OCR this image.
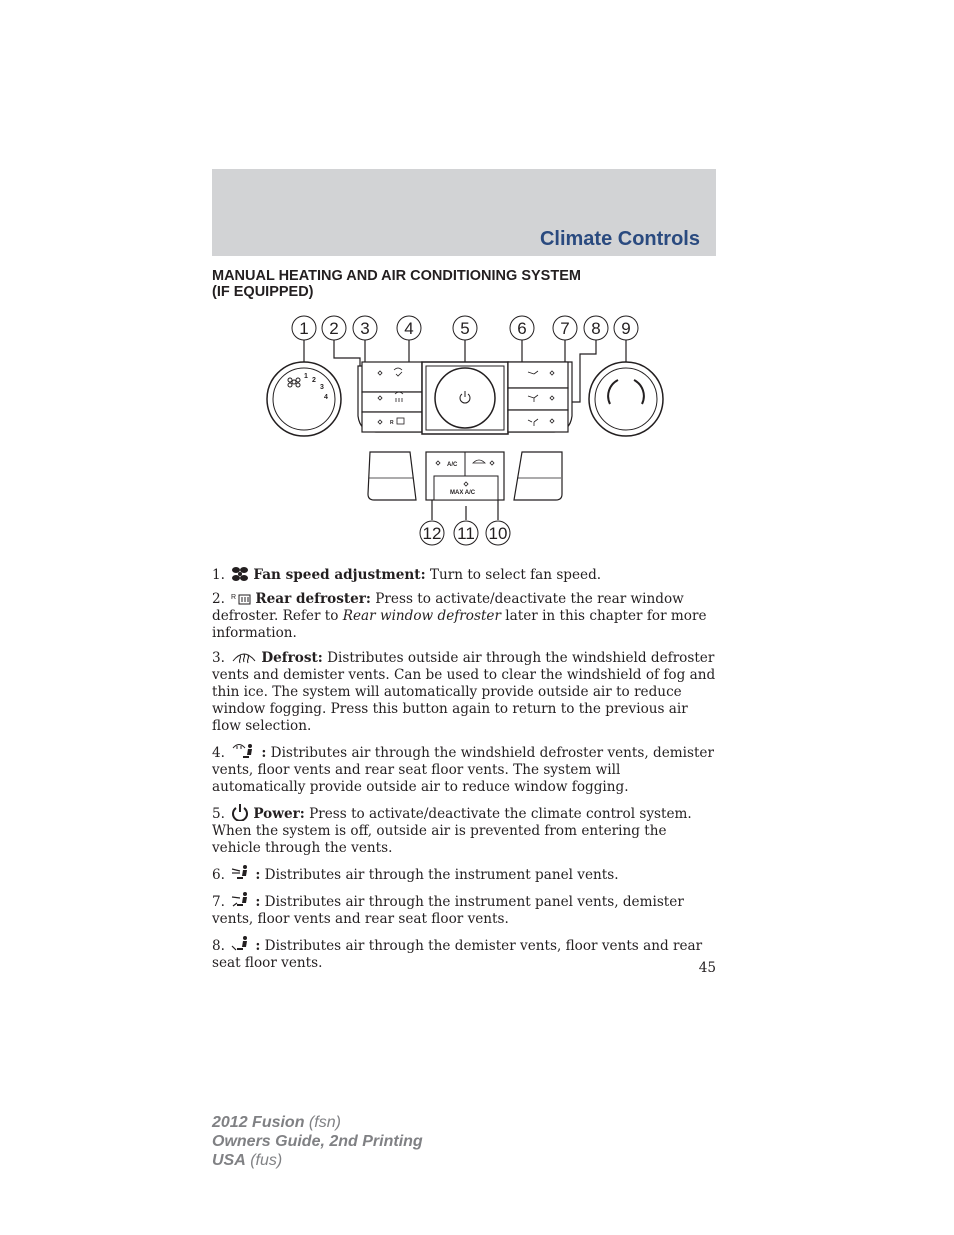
Climate Controls
MANUAL HEATING AND AIR CONDITIONING SYSTEM
(IF EQUIPPED)
1
2
3
4
R
A/C
MAX A/C
1 2 3 4	5	6 7 8 9
12 11 10

1. Fan speed adjustment: Turn to select fan speed.

2. R Rear defroster: Press to activate/deactivate the rear window defroster. Refer to Rear window defroster later in this chapter for more information.

3.	Defrost: Distributes outside air through the windshield defroster vents and demister vents. Can be used to clear the windshield of fog and thin ice. The system will automatically provide outside air to reduce window fogging. Press this button again to return to the previous air flow selection.

4.	: Distributes air through the windshield defroster vents, demister vents, floor vents and rear seat floor vents. The system will automatically provide outside air to reduce window fogging.

5. Power: Press to activate/deactivate the climate control system. When the system is off, outside air is prevented from entering the vehicle through the vents.

6. : Distributes air through the instrument panel vents.

7. : Distributes air through the instrument panel vents, demister vents, floor vents and rear seat floor vents.

8. : Distributes air through the demister vents, floor vents and rear seat floor vents.	45
2012 Fusion (fsn)
Owners Guide, 2nd Printing
USA (fus)
